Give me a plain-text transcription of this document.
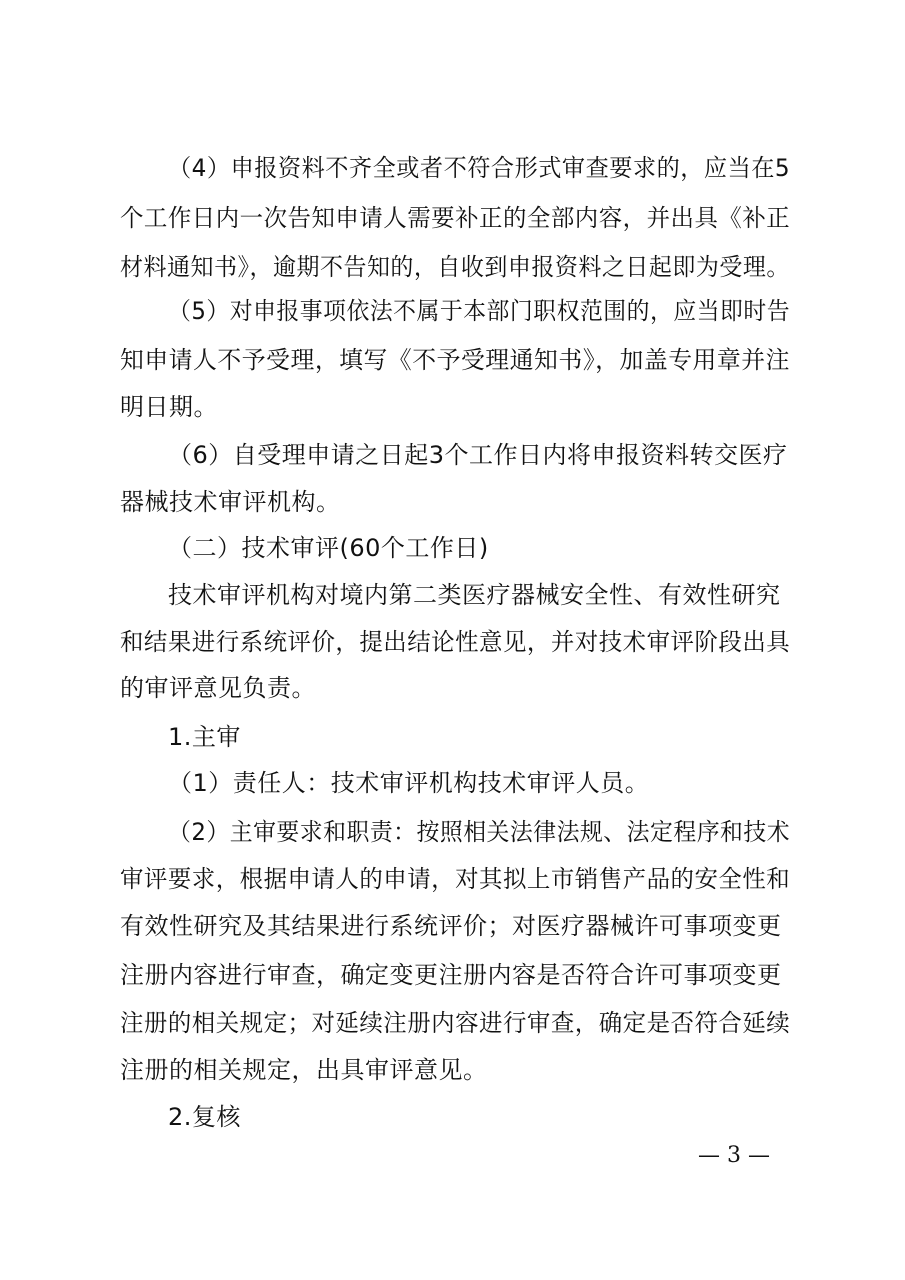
（4）申报资料不齐全或者不符合形式审查要求的，应当在5
个工作日内一次告知申请人需要补正的全部内容，并出具《补正
材料通知书》，逾期不告知的，自收到申报资料之日起即为受理。
（5）对申报事项依法不属于本部门职权范围的，应当即时告
知申请人不予受理，填写《不予受理通知书》，加盖专用章并注
明日期。
（6）自受理申请之日起3个工作日内将申报资料转交医疗
器械技术审评机构。
（二）技术审评(60个工作日)
技术审评机构对境内第二类医疗器械安全性、有效性研究
和结果进行系统评价，提出结论性意见，并对技术审评阶段出具
的审评意见负责。
1.主审
（1）责任人：技术审评机构技术审评人员。
（2）主审要求和职责：按照相关法律法规、法定程序和技术
审评要求，根据申请人的申请，对其拟上市销售产品的安全性和
有效性研究及其结果进行系统评价；对医疗器械许可事项变更
注册内容进行审查，确定变更注册内容是否符合许可事项变更
注册的相关规定；对延续注册内容进行审查，确定是否符合延续
注册的相关规定，出具审评意见。
2.复核
— 3 —
